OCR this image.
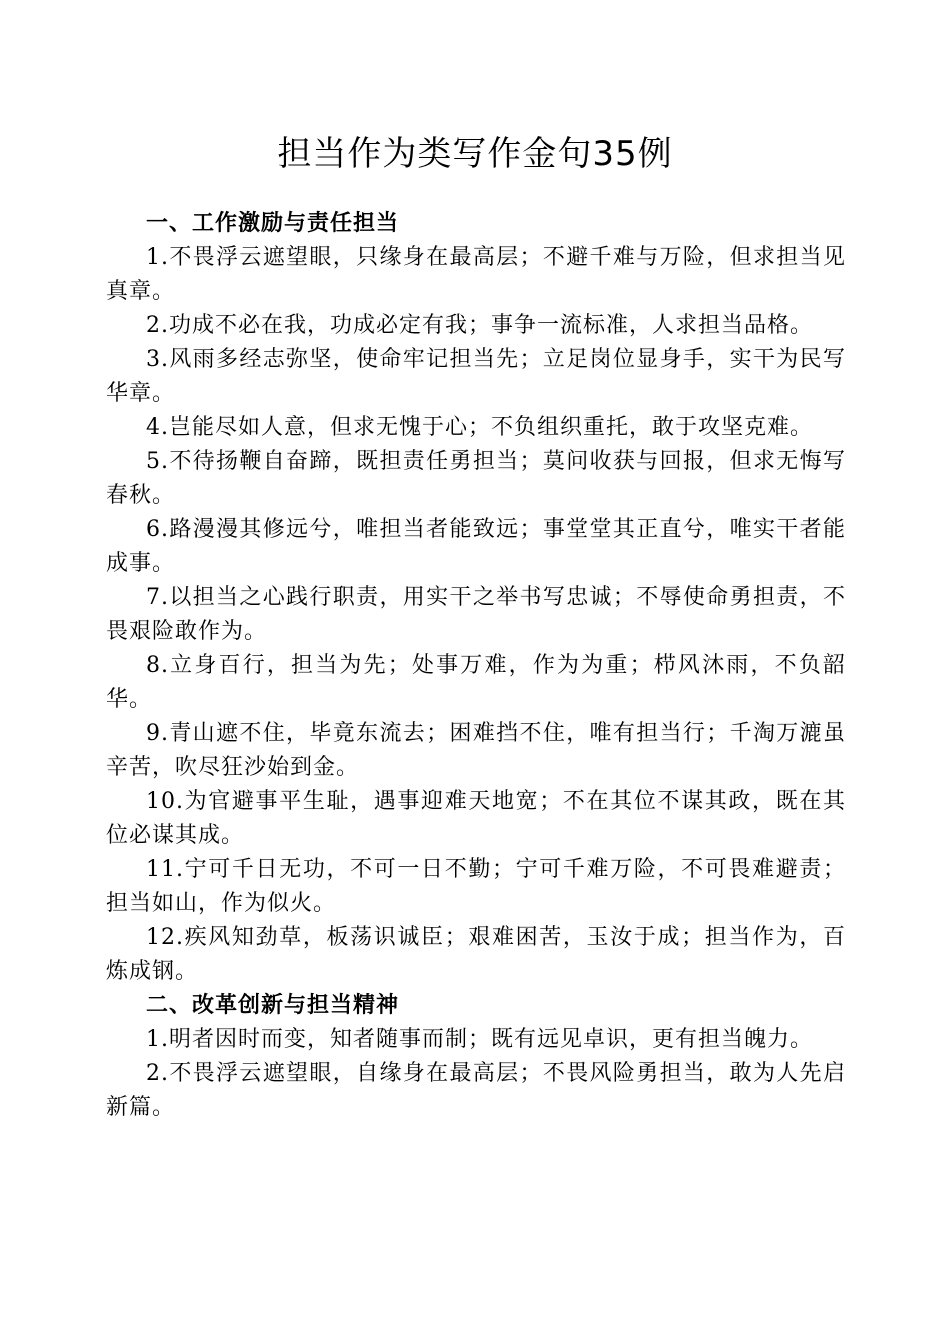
担当作为类写作金句35例

一、工作激励与责任担当

1.不畏浮云遮望眼，只缘身在最高层；不避千难与万险，但求担当见真章。

2.功成不必在我，功成必定有我；事争一流标准，人求担当品格。

3.风雨多经志弥坚，使命牢记担当先；立足岗位显身手，实干为民写华章。

4.岂能尽如人意，但求无愧于心；不负组织重托，敢于攻坚克难。

5.不待扬鞭自奋蹄，既担责任勇担当；莫问收获与回报，但求无悔写春秋。

6.路漫漫其修远兮，唯担当者能致远；事堂堂其正直兮，唯实干者能成事。

7.以担当之心践行职责，用实干之举书写忠诚；不辱使命勇担责，不畏艰险敢作为。

8.立身百行，担当为先；处事万难，作为为重；栉风沐雨，不负韶华。

9.青山遮不住，毕竟东流去；困难挡不住，唯有担当行；千淘万漉虽辛苦，吹尽狂沙始到金。

10.为官避事平生耻，遇事迎难天地宽；不在其位不谋其政，既在其位必谋其成。

11.宁可千日无功，不可一日不勤；宁可千难万险，不可畏难避责；担当如山，作为似火。

12.疾风知劲草，板荡识诚臣；艰难困苦，玉汝于成；担当作为，百炼成钢。

二、改革创新与担当精神

1.明者因时而变，知者随事而制；既有远见卓识，更有担当魄力。

2.不畏浮云遮望眼，自缘身在最高层；不畏风险勇担当，敢为人先启新篇。
